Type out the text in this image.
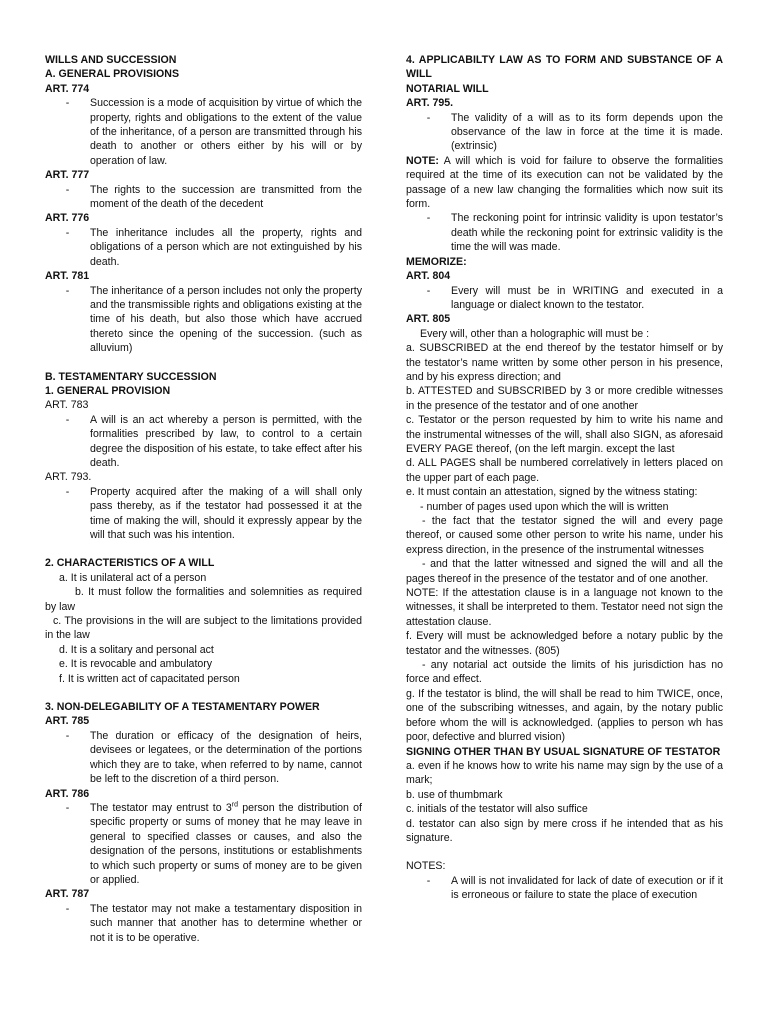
WILLS AND SUCCESSION
A. GENERAL PROVISIONS
ART. 774
-	Succession is a mode of acquisition by virtue of which the property, rights and obligations to the extent of the value of the inheritance, of a person are transmitted through his death to another or others either by his will or by operation of law.
ART. 777
-	The rights to the succession are transmitted from the moment of the death of the decedent
ART. 776
-	The inheritance includes all the property, rights and obligations of a person which are not extinguished by his death.
ART. 781
-	The inheritance of a person includes not only the property and the transmissible rights and obligations existing at the time of his death, but also those which have accrued thereto since the opening of the succession. (such as alluvium)
B. TESTAMENTARY SUCCESSION
1. GENERAL PROVISION
ART. 783
-	A will is an act whereby a person is permitted, with the formalities prescribed by law, to control to a certain degree the disposition of his estate, to take effect after his death.
ART. 793.
-	Property acquired after the making of a will shall only pass thereby, as if the testator had possessed it at the time of making the will, should it expressly appear by the will that such was his intention.
2. CHARACTERISTICS OF A WILL
a. It is unilateral act of a person
b. It must follow the formalities and solemnities as required by law
c. The provisions in the will are subject to the limitations provided in the law
d. It is a solitary and personal act
e. It is revocable and ambulatory
f. It is written act of capacitated person
3. NON-DELEGABILITY OF A TESTAMENTARY POWER
ART. 785
-	The duration or efficacy of the designation of heirs, devisees or legatees, or the determination of the portions which they are to take, when referred to by name, cannot be left to the discretion of a third person.
ART. 786
-	The testator may entrust to 3rd person the distribution of specific property or sums of money that he may leave in general to specified classes or causes, and also the designation of the persons, institutions or establishments to which such property or sums of money are to be given or applied.
ART. 787
-	The testator may not make a testamentary disposition in such manner that another has to determine whether or not it is to be operative.
4. APPLICABILTY LAW AS TO FORM AND SUBSTANCE OF A WILL
NOTARIAL WILL
ART. 795.
-	The validity of a will as to its form depends upon the observance of the law in force at the time it is made. (extrinsic)
NOTE: A will which is void for failure to observe the formalities required at the time of its execution can not be validated by the passage of a new law changing the formalities which now suit its form.
-	The reckoning point for intrinsic validity is upon testator’s death while the reckoning point for extrinsic validity is the time the will was made.
MEMORIZE:
ART. 804
-	Every will must be in WRITING and executed in a language or dialect known to the testator.
ART. 805
Every will, other than a holographic will must be :
a. SUBSCRIBED at the end thereof by the testator himself or by the testator’s name written by some other person in his presence, and by his express direction; and
b. ATTESTED and SUBSCRIBED by 3 or more credible witnesses in the presence of the testator and of one another
c. Testator or the person requested by him to write his name and the instrumental witnesses of the will, shall also SIGN, as aforesaid EVERY PAGE thereof, (on the left margin. except the last
d. ALL PAGES shall be numbered correlatively in letters placed on the upper part of each page.
e. It must contain an attestation, signed by the witness stating:
- number of pages used upon which the will is written
- the fact that the testator signed the will and every page thereof, or caused some other person to write his name, under his express direction, in the presence of the instrumental witnesses
- and that the latter witnessed and signed the will and all the pages thereof in the presence of the testator and of one another.
NOTE: If the attestation clause is in a language not known to the witnesses, it shall be interpreted to them. Testator need not sign the attestation clause.
f. Every will must be acknowledged before a notary public by the testator and the witnesses. (805)
- any notarial act outside the limits of his jurisdiction has no force and effect.
g. If the testator is blind, the will shall be read to him TWICE, once, one of the subscribing witnesses, and again, by the notary public before whom the will is acknowledged. (applies to person wh has poor, defective and blurred vision)
SIGNING OTHER THAN BY USUAL SIGNATURE OF TESTATOR
a. even if he knows how to write his name may sign by the use of a mark;
b. use of thumbmark
c. initials of the testator will also suffice
d. testator can also sign by mere cross if he intended that as his signature.
NOTES:
-	A will is not invalidated for lack of date of execution or if it is erroneous or failure to state the place of execution
